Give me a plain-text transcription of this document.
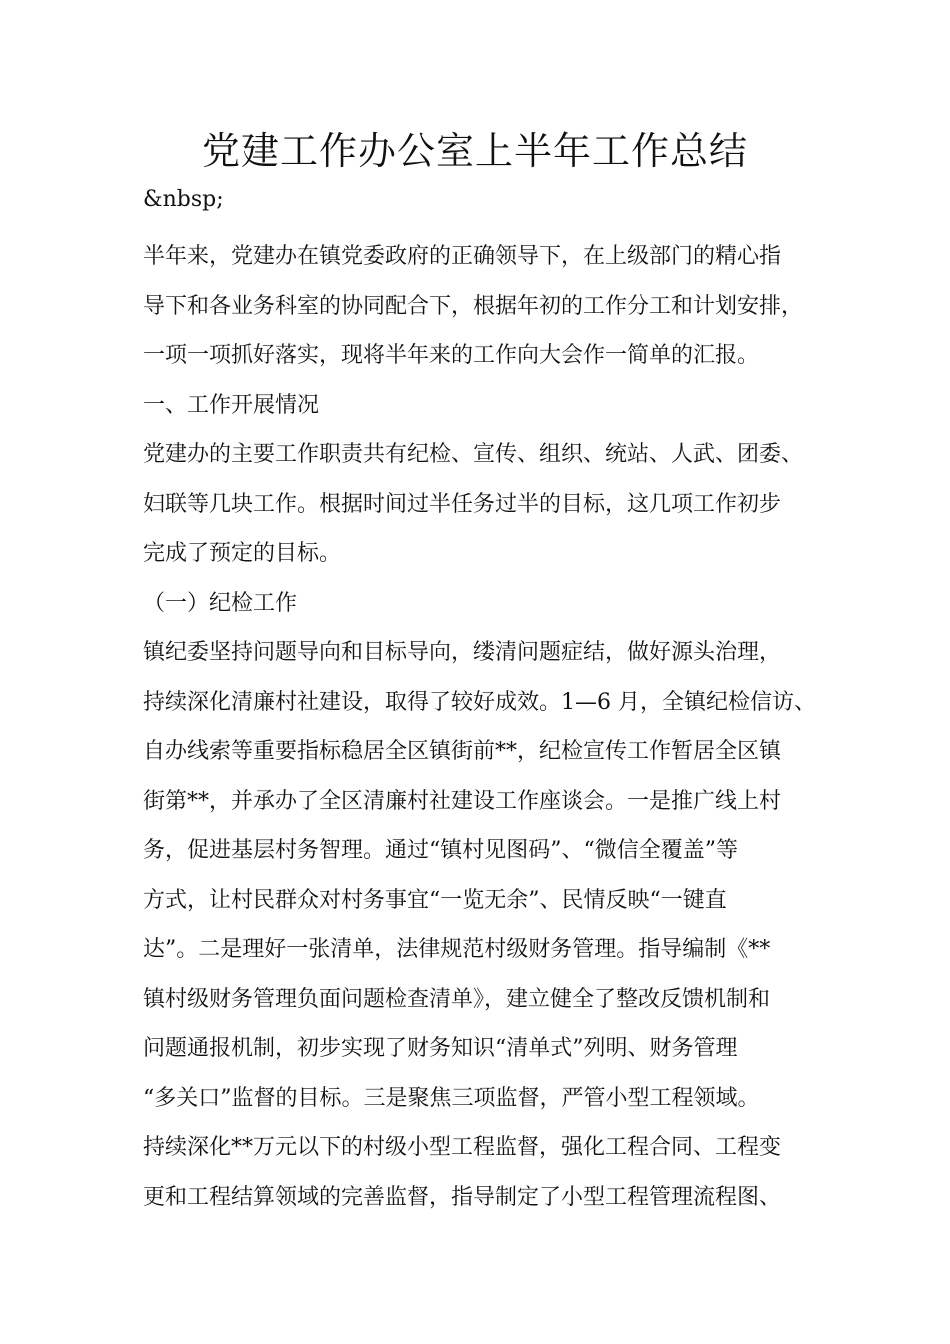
党建工作办公室上半年工作总结
&nbsp;
半年来，党建办在镇党委政府的正确领导下，在上级部门的精心指
导下和各业务科室的协同配合下，根据年初的工作分工和计划安排，
一项一项抓好落实，现将半年来的工作向大会作一简单的汇报。
一、工作开展情况
党建办的主要工作职责共有纪检、宣传、组织、统站、人武、团委、
妇联等几块工作。根据时间过半任务过半的目标，这几项工作初步
完成了预定的目标。
（一）纪检工作
镇纪委坚持问题导向和目标导向，缕清问题症结，做好源头治理，
持续深化清廉村社建设，取得了较好成效。1—6 月，全镇纪检信访、
自办线索等重要指标稳居全区镇街前**，纪检宣传工作暂居全区镇
街第**，并承办了全区清廉村社建设工作座谈会。一是推广线上村
务，促进基层村务智理。通过“镇村见图码”、“微信全覆盖”等
方式，让村民群众对村务事宜“一览无余”、民情反映“一键直
达”。二是理好一张清单，法律规范村级财务管理。指导编制《**
镇村级财务管理负面问题检查清单》，建立健全了整改反馈机制和
问题通报机制，初步实现了财务知识“清单式”列明、财务管理
“多关口”监督的目标。三是聚焦三项监督，严管小型工程领域。
持续深化**万元以下的村级小型工程监督，强化工程合同、工程变
更和工程结算领域的完善监督，指导制定了小型工程管理流程图、
